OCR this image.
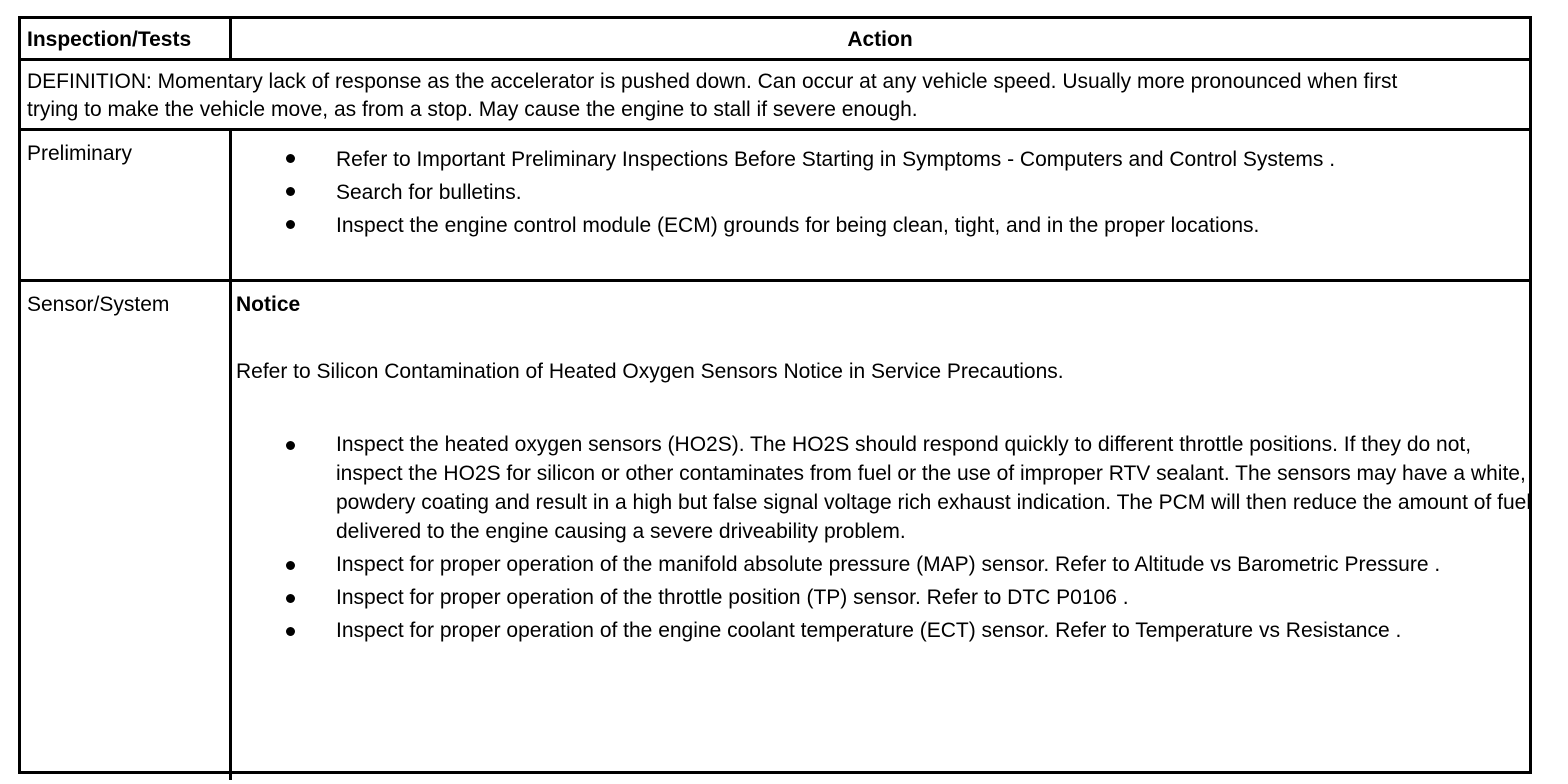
Inspection/Tests	Action
DEFINITION: Momentary lack of response as the accelerator is pushed down. Can occur at any vehicle speed. Usually more pronounced when first trying to make the vehicle move, as from a stop. May cause the engine to stall if severe enough.
Preliminary	Refer to Important Preliminary Inspections Before Starting in Symptoms - Computers and Control Systems .
Search for bulletins.
Inspect the engine control module (ECM) grounds for being clean, tight, and in the proper locations.
Sensor/System	Notice
Refer to Silicon Contamination of Heated Oxygen Sensors Notice in Service Precautions.
Inspect the heated oxygen sensors (HO2S). The HO2S should respond quickly to different throttle positions. If they do not, inspect the HO2S for silicon or other contaminates from fuel or the use of improper RTV sealant. The sensors may have a white, powdery coating and result in a high but false signal voltage rich exhaust indication. The PCM will then reduce the amount of fuel delivered to the engine causing a severe driveability problem.
Inspect for proper operation of the manifold absolute pressure (MAP) sensor. Refer to Altitude vs Barometric Pressure .
Inspect for proper operation of the throttle position (TP) sensor. Refer to DTC P0106 .
Inspect for proper operation of the engine coolant temperature (ECT) sensor. Refer to Temperature vs Resistance .
